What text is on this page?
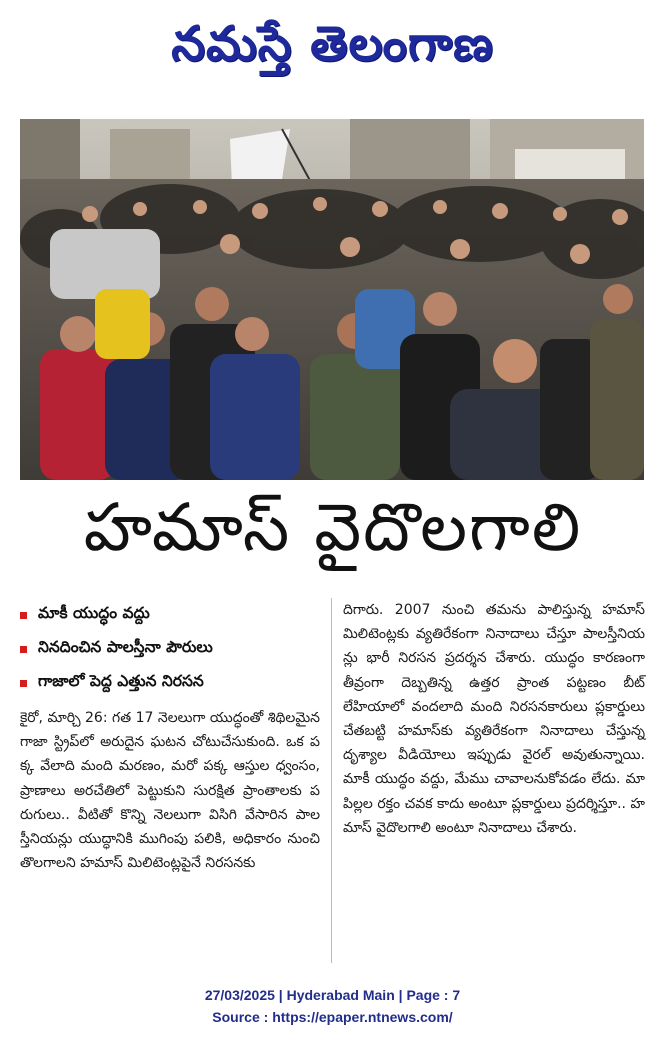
నమస్తే తెలంగాణ
హమాస్ వైదొలగాలి
మాకీ యుద్ధం వద్దు
నినదించిన పాలస్తీనా పౌరులు
గాజాలో పెద్ద ఎత్తున నిరసన

కైరో, మార్చి 26: గత 17 నెలలుగా యుద్ధంతో శిథిలమైన గాజా స్ట్రిప్‌లో అరుదైన ఘటన చోటుచేసుకుంది. ఒక పక్క వేలాది మంది మరణం, మరో పక్క ఆస్తుల ధ్వంసం, ప్రాణాలు అరచేతిలో పెట్టుకుని సురక్షిత ప్రాంతాలకు పరుగులు.. వీటితో కొన్ని నెలలుగా విసిగి వేసారిన పాలస్తీనియన్లు యుద్ధానికి ముగింపు పలికి, అధికారం నుంచి తొలగాలని హమాస్ మిలిటెంట్లపైనే నిరసనకు

దిగారు. 2007 నుంచి తమను పాలిస్తున్న హమాస్ మిలిటెంట్లకు వ్యతిరేకంగా నినాదాలు చేస్తూ పాలస్తీనియన్లు భారీ నిరసన ప్రదర్శన చేశారు. యుద్ధం కారణంగా తీవ్రంగా దెబ్బతిన్న ఉత్తర ప్రాంత పట్టణం బీట్ లేహియాలో వందలాది మంది నిరసనకారులు ప్లకార్డులు చేతబట్టి హమాస్‌కు వ్యతిరేకంగా నినాదాలు చేస్తున్న దృశ్యాల వీడియోలు ఇప్పుడు వైరల్ అవుతున్నాయి. మాకీ యుద్ధం వద్దు, మేము చావాలనుకోవడం లేదు. మా పిల్లల రక్తం చవక కాదు అంటూ ప్లకార్డులు ప్రదర్శిస్తూ.. హమాస్ వైదొలగాలి అంటూ నినాదాలు చేశారు.

27/03/2025 | Hyderabad Main | Page : 7
Source : https://epaper.ntnews.com/
